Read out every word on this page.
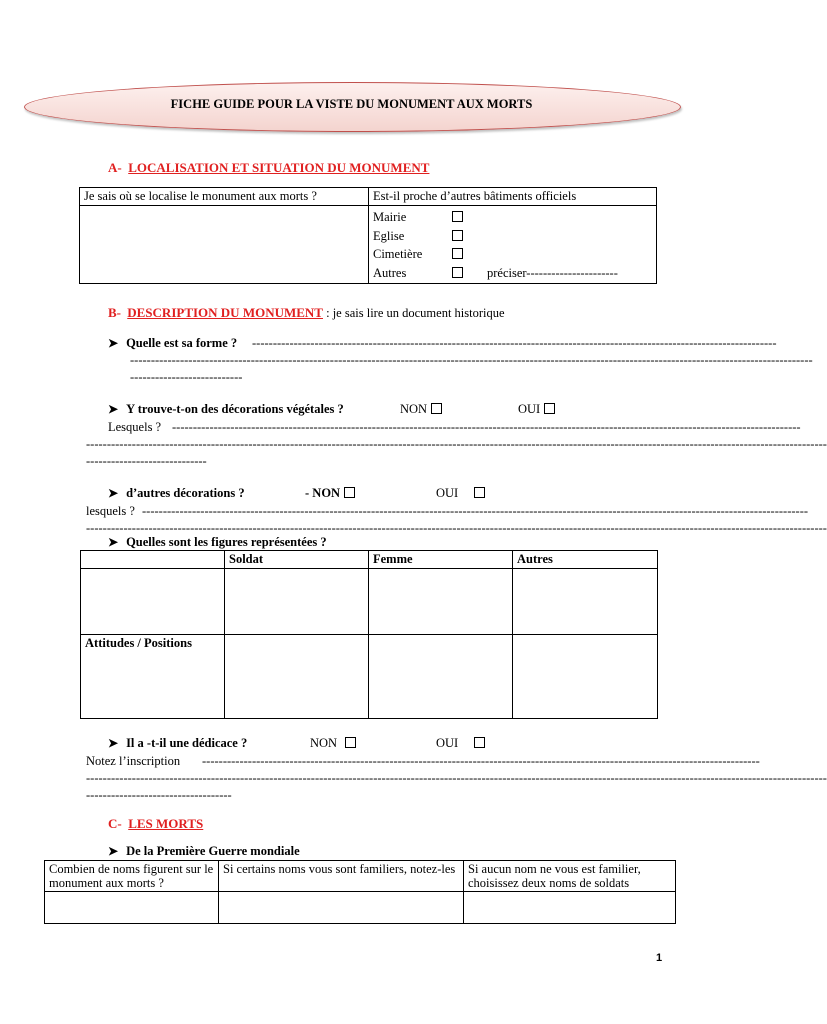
FICHE GUIDE POUR LA VISTE DU MONUMENT AUX MORTS
A- LOCALISATION ET SITUATION DU MONUMENT
Je sais où se localise le monument aux morts ?	Est-il proche d’autres bâtiments officiels

	Mairie
Eglise
Cimetière
Autres préciser----------------------
B- DESCRIPTION DU MONUMENT : je sais lire un document historique
➤ Quelle est sa forme ? ------------------------------------------------------------------------------------------------------------------------------
--------------------------------------------------------------------------------------------------------------------------------------------------------------------
---------------------------
➤ Y trouve-t-on des décorations végétales ?	NON	OUI
Lesquels ? -------------------------------------------------------------------------------------------------------------------------------------------------------
----------------------------------------------------------------------------------------------------------------------------------------------------------------------------------
-----------------------------
➤ d’autres décorations ?	- NON	OUI
lesquels ? ----------------------------------------------------------------------------------------------------------------------------------------------------------------
----------------------------------------------------------------------------------------------------------------------------------------------------------------------------------
➤ Quelles sont les figures représentées ?
	Soldat	Femme	Autres

Attitudes / Positions			
➤ Il a -t-il une dédicace ?	NON	OUI
Notez l’inscription --------------------------------------------------------------------------------------------------------------------------------------
----------------------------------------------------------------------------------------------------------------------------------------------------------------------------------
-----------------------------------
C- LES MORTS
➤ De la Première Guerre mondiale
Combien de noms figurent sur le monument aux morts ?	Si certains noms vous sont familiers, notez-les	Si aucun nom ne vous est familier, choisissez deux noms de soldats

1
